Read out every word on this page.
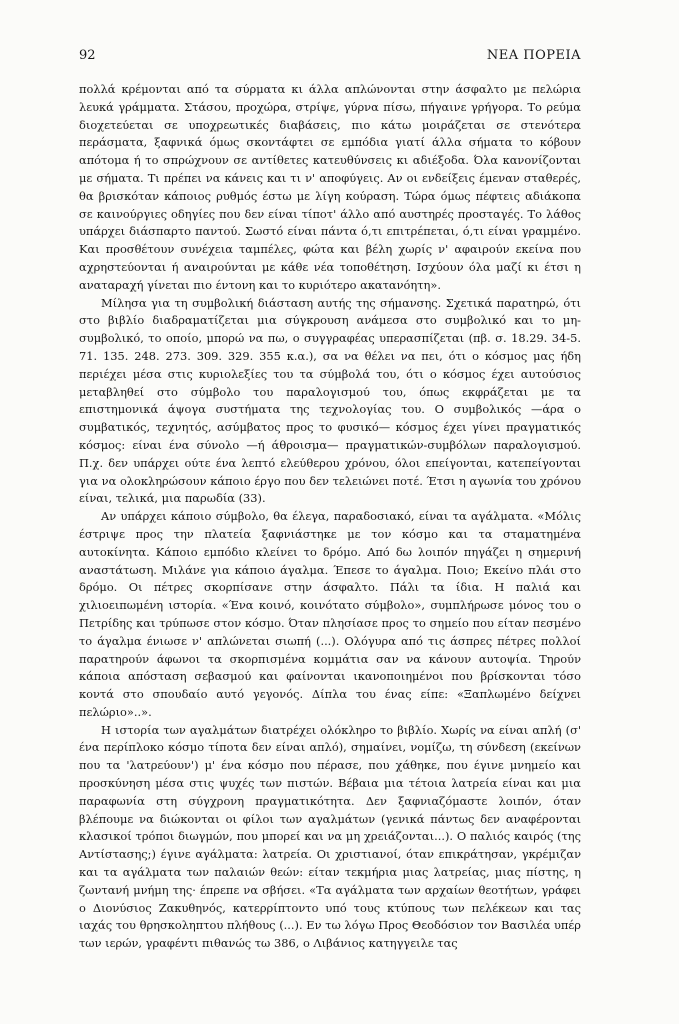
92	ΝΕΑ ΠΟΡΕΙΑ

πολλά κρέμονται από τα σύρματα κι άλλα απλώνονται στην άσφαλτο με πελώρια λευκά γράμματα. Στάσου, προχώρα, στρίψε, γύρνα πίσω, πήγαινε γρήγορα. Το ρεύμα διοχετεύεται σε υποχρεωτικές διαβάσεις, πιο κάτω μοιράζεται σε στενότερα περάσματα, ξαφνικά όμως σκοντάφτει σε εμπόδια γιατί άλλα σήματα το κόβουν απότομα ή το σπρώχνουν σε αντίθετες κατευθύνσεις κι αδιέξοδα. Όλα κανονίζονται με σήματα. Τι πρέπει να κάνεις και τι ν' αποφύγεις. Αν οι ενδείξεις έμεναν σταθερές, θα βρισκόταν κάποιος ρυθμός έστω με λίγη κούραση. Τώρα όμως πέφτεις αδιάκοπα σε καινούργιες οδηγίες που δεν είναι τίποτ' άλλο από αυστηρές προσταγές. Το λάθος υπάρχει διάσπαρτο παντού. Σωστό είναι πάντα ό,τι επιτρέπεται, ό,τι είναι γραμμένο. Και προσθέτουν συνέχεια ταμπέλες, φώτα και βέλη χωρίς ν' αφαιρούν εκείνα που αχρηστεύονται ή αναιρούνται με κάθε νέα τοποθέτηση. Ισχύουν όλα μαζί κι έτσι η αναταραχή γίνεται πιο έντονη και το κυριότερο ακατανόητη».

Μίλησα για τη συμβολική διάσταση αυτής της σήμανσης. Σχετικά παρατηρώ, ότι στο βιβλίο διαδραματίζεται μια σύγκρουση ανάμεσα στο συμβολικό και το μη-συμβολικό, το οποίο, μπορώ να πω, ο συγγραφέας υπερασπίζεται (πβ. σ. 18.29. 34-5. 71. 135. 248. 273. 309. 329. 355 κ.α.), σα να θέλει να πει, ότι ο κόσμος μας ήδη περιέχει μέσα στις κυριολεξίες του τα σύμβολά του, ότι ο κόσμος έχει αυτούσιος μεταβληθεί στο σύμβολο του παραλογισμού του, όπως εκφράζεται με τα επιστημονικά άψογα συστήματα της τεχνολογίας του. Ο συμβολικός —άρα ο συμβατικός, τεχνητός, ασύμβατος προς το φυσικό— κόσμος έχει γίνει πραγματικός κόσμος: είναι ένα σύνολο —ή άθροισμα— πραγματικών-συμβόλων παραλογισμού. Π.χ. δεν υπάρχει ούτε ένα λεπτό ελεύθερου χρόνου, όλοι επείγονται, κατεπείγονται για να ολοκληρώσουν κάποιο έργο που δεν τελειώνει ποτέ. Έτσι η αγωνία του χρόνου είναι, τελικά, μια παρωδία (33).

Αν υπάρχει κάποιο σύμβολο, θα έλεγα, παραδοσιακό, είναι τα αγάλματα. «Μόλις έστριψε προς την πλατεία ξαφνιάστηκε με τον κόσμο και τα σταματημένα αυτοκίνητα. Κάποιο εμπόδιο κλείνει το δρόμο. Από δω λοιπόν πηγάζει η σημερινή αναστάτωση. Μιλάνε για κάποιο άγαλμα. Έπεσε το άγαλμα. Ποιο; Εκείνο πλάι στο δρόμο. Οι πέτρες σκορπίσανε στην άσφαλτο. Πάλι τα ίδια. Η παλιά και χιλιοειπωμένη ιστορία. «Ένα κοινό, κοινότατο σύμβολο», συμπλήρωσε μόνος του ο Πετρίδης και τρύπωσε στον κόσμο. Όταν πλησίασε προς το σημείο που είταν πεσμένο το άγαλμα ένιωσε ν' απλώνεται σιωπή (...). Ολόγυρα από τις άσπρες πέτρες πολλοί παρατηρούν άφωνοι τα σκορπισμένα κομμάτια σαν να κάνουν αυτοψία. Τηρούν κάποια απόσταση σεβασμού και φαίνονται ικανοποιημένοι που βρίσκονται τόσο κοντά στο σπουδαίο αυτό γεγονός. Δίπλα του ένας είπε: «Ξαπλωμένο δείχνει πελώριο»..».

Η ιστορία των αγαλμάτων διατρέχει ολόκληρο το βιβλίο. Χωρίς να είναι απλή (σ' ένα περίπλοκο κόσμο τίποτα δεν είναι απλό), σημαίνει, νομίζω, τη σύνδεση (εκείνων που τα 'λατρεύουν') μ' ένα κόσμο που πέρασε, που χάθηκε, που έγινε μνημείο και προσκύνηση μέσα στις ψυχές των πιστών. Βέβαια μια τέτοια λατρεία είναι και μια παραφωνία στη σύγχρονη πραγματικότητα. Δεν ξαφνιαζόμαστε λοιπόν, όταν βλέπουμε να διώκονται οι φίλοι των αγαλμάτων (γενικά πάντως δεν αναφέρονται κλασικοί τρόποι διωγμών, που μπορεί και να μη χρειάζονται...). Ο παλιός καιρός (της Αντίστασης;) έγινε αγάλματα: λατρεία. Οι χριστιανοί, όταν επικράτησαν, γκρέμιζαν και τα αγάλματα των παλαιών θεών: είταν τεκμήρια μιας λατρείας, μιας πίστης, η ζωντανή μνήμη της· έπρεπε να σβήσει. «Τα αγάλματα των αρχαίων θεοτήτων, γράφει ο Διονύσιος Ζακυθηνός, κατερρίπτοντο υπό τους κτύπους των πελέκεων και τας ιαχάς του θρησκοληπτου πλήθους (...). Εν τω λόγω Προς Θεοδόσιον τον Βασιλέα υπέρ των ιερών, γραφέντι πιθανώς τω 386, ο Λιβάνιος κατηγγειλε τας
